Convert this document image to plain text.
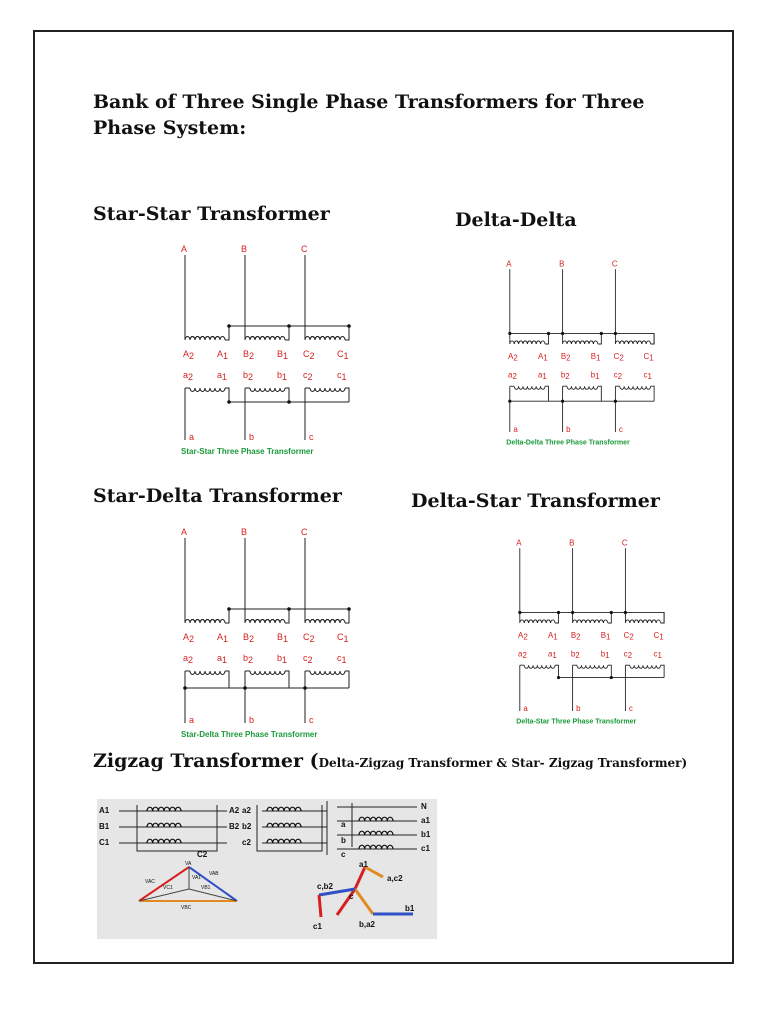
Bank of Three Single Phase Transformers for Three
Phase System:
Star-Star Transformer	Delta-Delta
Star-Delta Transformer	Delta-Star Transformer
Zigzag Transformer (Delta-Zigzag Transformer & Star- Zigzag Transformer)
A	B	C
A2	A1 B2	B1 C2 C1
a2	a1 b2	b1 c2	c1
a	b	c
Star-Star Three Phase Transformer
A	B	C
A2 A1 B2 B1 C2 C1
a2 a1 b2 b1 c2 c1
a	b	c
Delta-Delta Three Phase Transformer
A	B	C
A2	A1 B2	B1 C2 C1
a2	a1 b2	b1 c2	c1
a	b	c
Star-Delta Three Phase Transformer
A	B	C
A2 A1 B2 B1 C2 C1
a2 a1 b2 b1 c2 c1
a	b	c
Delta-Star Three Phase Transformer
A1
B1
C1
A2
B2
C2
a2
b2
c2
N
a1
b1
c1
a
b
c
VAC
VA
VAB
VA1
VC1	VB1
VBC
a1
a,c2
c,b2
c1	b,a2
b1
c
